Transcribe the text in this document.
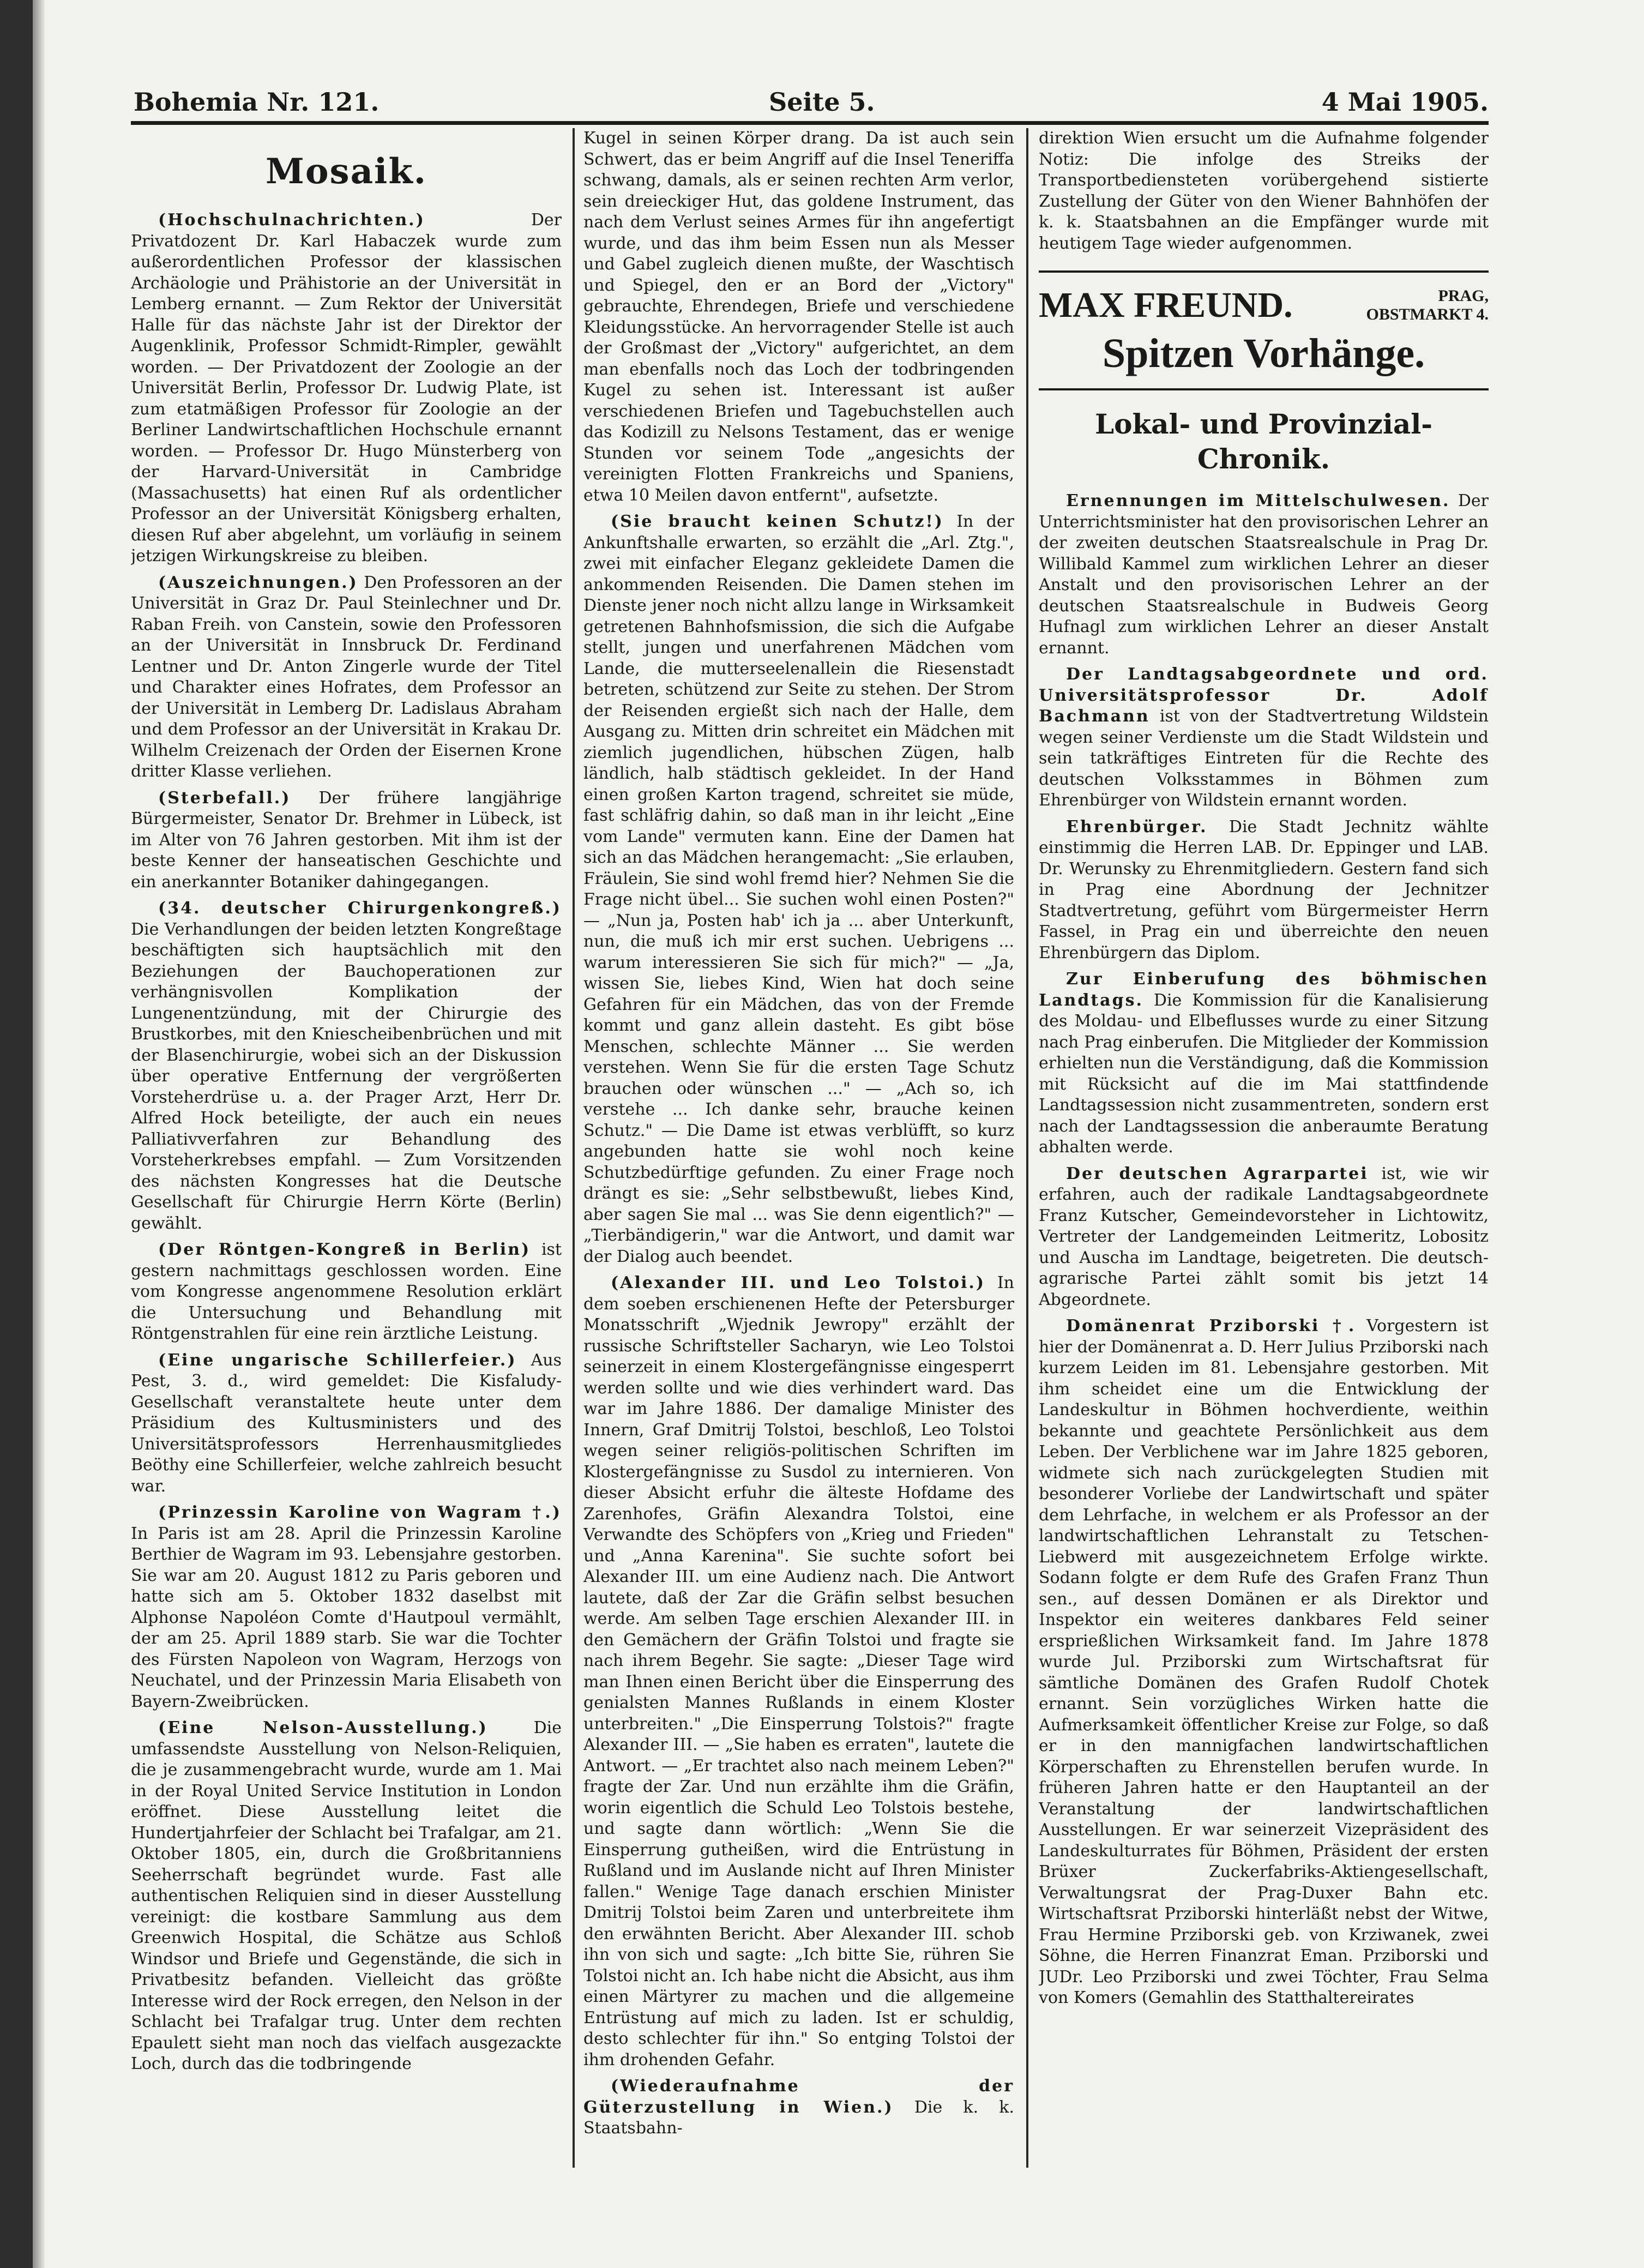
Bohemia Nr. 121.	Seite 5.	4 Mai 1905.
Mosaik.

(Hochschulnachrichten.)	Der Privatdozent Dr. Karl Habaczek wurde zum außerordentlichen Professor der klassischen Archäologie und Prähistorie an der Universität in Lemberg ernannt. — Zum Rektor der Universität Halle für das nächste Jahr ist der Direktor der Augenklinik, Professor Schmidt-Rimpler, gewählt worden. — Der Privatdozent der Zoologie an der Universität Berlin, Professor Dr. Ludwig Plate, ist zum etatmäßigen Professor für Zoologie an der Berliner Landwirtschaftlichen Hochschule ernannt worden. — Professor Dr. Hugo Münsterberg von der Harvard-Universität in Cambridge (Massachusetts) hat einen Ruf als ordentlicher Professor an der Universität Königsberg erhalten, diesen Ruf aber abgelehnt, um vorläufig in seinem jetzigen Wirkungskreise zu bleiben.

(Auszeichnungen.) Den Professoren an der Universität in Graz Dr. Paul Steinlechner und Dr. Raban Freih. von Canstein, sowie den Professoren an der Universität in Innsbruck Dr. Ferdinand Lentner und Dr. Anton Zingerle wurde der Titel und Charakter eines Hofrates, dem Professor an der Universität in Lemberg Dr. Ladislaus Abraham und dem Professor an der Universität in Krakau Dr. Wilhelm Creizenach der Orden der Eisernen Krone dritter Klasse verliehen.

(Sterbefall.) Der frühere langjährige Bürgermeister, Senator Dr. Brehmer in Lübeck, ist im Alter von 76 Jahren gestorben. Mit ihm ist der beste Kenner der hanseatischen Geschichte und ein anerkannter Botaniker dahingegangen.

(34. deutscher Chirurgenkongreß.) Die Verhandlungen der beiden letzten Kongreßtage beschäftigten sich hauptsächlich mit den Beziehungen der Bauchoperationen zur verhängnisvollen Komplikation der Lungenentzündung, mit der Chirurgie des Brustkorbes, mit den Kniescheibenbrüchen und mit der Blasenchirurgie, wobei sich an der Diskussion über operative Entfernung der vergrößerten Vorsteherdrüse u. a. der Prager Arzt, Herr Dr. Alfred Hock beteiligte, der auch ein neues Palliativverfahren zur Behandlung des Vorsteherkrebses empfahl. — Zum Vorsitzenden des nächsten Kongresses hat die Deutsche Gesellschaft für Chirurgie Herrn Körte (Berlin) gewählt.

(Der Röntgen-Kongreß in Berlin) ist gestern nachmittags geschlossen worden. Eine vom Kongresse angenommene Resolution erklärt die Untersuchung und Behandlung mit Röntgenstrahlen für eine rein ärztliche Leistung.

(Eine ungarische Schillerfeier.) Aus Pest, 3. d., wird gemeldet: Die Kisfaludy-Gesellschaft veranstaltete heute unter dem Präsidium des Kultusministers und des Universitätsprofessors Herrenhausmitgliedes Beöthy eine Schillerfeier, welche zahlreich besucht war.

(Prinzessin Karoline von Wagram †.) In Paris ist am 28. April die Prinzessin Karoline Berthier de Wagram im 93. Lebensjahre gestorben. Sie war am 20. August 1812 zu Paris geboren und hatte sich am 5. Oktober 1832 daselbst mit Alphonse Napoléon Comte d'Hautpoul vermählt, der am 25. April 1889 starb. Sie war die Tochter des Fürsten Napoleon von Wagram, Herzogs von Neuchatel, und der Prinzessin Maria Elisabeth von Bayern-Zweibrücken.

(Eine Nelson-Ausstellung.)	Die umfassendste Ausstellung von Nelson-Reliquien, die je zusammengebracht wurde, wurde am 1. Mai in der Royal United Service Institution in London eröffnet. Diese Ausstellung leitet die Hundertjahrfeier der Schlacht bei Trafalgar, am 21. Oktober 1805, ein, durch die Großbritanniens Seeherrschaft begründet wurde. Fast alle authentischen Reliquien sind in dieser Ausstellung vereinigt: die kostbare Sammlung aus dem Greenwich Hospital, die Schätze aus Schloß Windsor und Briefe und Gegenstände, die sich in Privatbesitz befanden. Vielleicht das größte Interesse wird der Rock erregen, den Nelson in der Schlacht bei Trafalgar trug. Unter dem rechten Epaulett sieht man noch das vielfach ausgezackte Loch, durch das die todbringende

Kugel in seinen Körper drang. Da ist auch sein Schwert, das er beim Angriff auf die Insel Teneriffa schwang, damals, als er seinen rechten Arm verlor, sein dreieckiger Hut, das goldene Instrument, das nach dem Verlust seines Armes für ihn angefertigt wurde, und das ihm beim Essen nun als Messer und Gabel zugleich dienen mußte, der Waschtisch und Spiegel, den er an Bord der „Victory" gebrauchte, Ehrendegen, Briefe und verschiedene Kleidungsstücke. An hervorragender Stelle ist auch der Großmast der „Victory" aufgerichtet, an dem man ebenfalls noch das Loch der todbringenden Kugel zu sehen ist. Interessant ist außer verschiedenen Briefen und Tagebuchstellen auch das Kodizill zu Nelsons Testament, das er wenige Stunden vor seinem Tode „angesichts der vereinigten Flotten Frankreichs und Spaniens, etwa 10 Meilen davon entfernt", aufsetzte.

(Sie braucht keinen Schutz!) In der Ankunftshalle erwarten, so erzählt die „Arl. Ztg.", zwei mit einfacher Eleganz gekleidete Damen die ankommenden Reisenden. Die Damen stehen im Dienste jener noch nicht allzu lange in Wirksamkeit getretenen Bahnhofsmission, die sich die Aufgabe stellt, jungen und unerfahrenen Mädchen vom Lande, die mutterseelenallein die Riesenstadt betreten, schützend zur Seite zu stehen. Der Strom der Reisenden ergießt sich nach der Halle, dem Ausgang zu. Mitten drin schreitet ein Mädchen mit ziemlich jugendlichen, hübschen Zügen, halb ländlich, halb städtisch gekleidet. In der Hand einen großen Karton tragend, schreitet sie müde, fast schläfrig dahin, so daß man in ihr leicht „Eine vom Lande" vermuten kann. Eine der Damen hat sich an das Mädchen herangemacht: „Sie erlauben, Fräulein, Sie sind wohl fremd hier? Nehmen Sie die Frage nicht übel... Sie suchen wohl einen Posten?" — „Nun ja, Posten hab' ich ja ... aber Unterkunft, nun, die muß ich mir erst suchen. Uebrigens ... warum interessieren Sie sich für mich?" — „Ja, wissen Sie, liebes Kind, Wien hat doch seine Gefahren für ein Mädchen, das von der Fremde kommt und ganz allein dasteht. Es gibt böse Menschen, schlechte Männer ... Sie werden verstehen. Wenn Sie für die ersten Tage Schutz brauchen oder wünschen ..." — „Ach so, ich verstehe ... Ich danke sehr, brauche keinen Schutz." — Die Dame ist etwas verblüfft, so kurz angebunden hatte sie wohl noch keine Schutzbedürftige gefunden. Zu einer Frage noch drängt es sie: „Sehr selbstbewußt, liebes Kind, aber sagen Sie mal ... was Sie denn eigentlich?" — „Tierbändigerin," war die Antwort, und damit war der Dialog auch beendet.

(Alexander III. und Leo Tolstoi.) In dem soeben erschienenen Hefte der Petersburger Monatsschrift „Wjednik Jewropy" erzählt der russische Schriftsteller Sacharyn, wie Leo Tolstoi seinerzeit in einem Klostergefängnisse eingesperrt werden sollte und wie dies verhindert ward. Das war im Jahre 1886. Der damalige Minister des Innern, Graf Dmitrij Tolstoi, beschloß, Leo Tolstoi wegen seiner religiös-politischen Schriften im Klostergefängnisse zu Susdol zu internieren. Von dieser Absicht erfuhr die älteste Hofdame des Zarenhofes, Gräfin Alexandra Tolstoi, eine Verwandte des Schöpfers von „Krieg und Frieden" und „Anna Karenina". Sie suchte sofort bei Alexander III. um eine Audienz nach. Die Antwort lautete, daß der Zar die Gräfin selbst besuchen werde. Am selben Tage erschien Alexander III. in den Gemächern der Gräfin Tolstoi und fragte sie nach ihrem Begehr. Sie sagte: „Dieser Tage wird man Ihnen einen Bericht über die Einsperrung des genialsten Mannes Rußlands in einem Kloster unterbreiten." „Die Einsperrung Tolstois?" fragte Alexander III. — „Sie haben es erraten", lautete die Antwort. — „Er trachtet also nach meinem Leben?" fragte der Zar. Und nun erzählte ihm die Gräfin, worin eigentlich die Schuld Leo Tolstois bestehe, und sagte dann wörtlich: „Wenn Sie die Einsperrung gutheißen, wird die Entrüstung in Rußland und im Auslande nicht auf Ihren Minister fallen." Wenige Tage danach erschien Minister Dmitrij Tolstoi beim Zaren und unterbreitete ihm den erwähnten Bericht. Aber Alexander III. schob ihn von sich und sagte: „Ich bitte Sie, rühren Sie Tolstoi nicht an. Ich habe nicht die Absicht, aus ihm einen Märtyrer zu machen und die allgemeine Entrüstung auf mich zu laden. Ist er schuldig, desto schlechter für ihn." So entging Tolstoi der ihm drohenden Gefahr.

(Wiederaufnahme der Güterzustellung in Wien.) Die k. k. Staatsbahn-

direktion Wien ersucht um die Aufnahme folgender Notiz: Die infolge des Streiks der Transportbediensteten vorübergehend sistierte Zustellung der Güter von den Wiener Bahnhöfen der k. k. Staatsbahnen an die Empfänger wurde mit heutigem Tage wieder aufgenommen.

MAX FREUND.	PRAG,
OBSTMARKT 4.
Spitzen Vorhänge.
Lokal- und Provinzial-Chronik.

Ernennungen im Mittelschulwesen. Der Unterrichtsminister hat den provisorischen Lehrer an der zweiten deutschen Staatsrealschule in Prag Dr. Willibald Kammel zum wirklichen Lehrer an dieser Anstalt und den provisorischen Lehrer an der deutschen Staatsrealschule in Budweis Georg Hufnagl zum wirklichen Lehrer an dieser Anstalt ernannt.

Der Landtagsabgeordnete und ord. Universitätsprofessor Dr. Adolf Bachmann ist von der Stadtvertretung Wildstein wegen seiner Verdienste um die Stadt Wildstein und sein tatkräftiges Eintreten für die Rechte des deutschen Volksstammes in Böhmen zum Ehrenbürger von Wildstein ernannt worden.

Ehrenbürger. Die Stadt Jechnitz wählte einstimmig die Herren LAB. Dr. Eppinger und LAB. Dr. Werunsky zu Ehrenmitgliedern. Gestern fand sich in Prag eine Abordnung der Jechnitzer Stadtvertretung, geführt vom Bürgermeister Herrn Fassel, in Prag ein und überreichte den neuen Ehrenbürgern das Diplom.

Zur Einberufung des böhmischen Landtags. Die Kommission für die Kanalisierung des Moldau- und Elbeflusses wurde zu einer Sitzung nach Prag einberufen. Die Mitglieder der Kommission erhielten nun die Verständigung, daß die Kommission mit Rücksicht auf die im Mai stattfindende Landtagssession nicht zusammentreten, sondern erst nach der Landtagssession die anberaumte Beratung abhalten werde.

Der deutschen Agrarpartei ist, wie wir erfahren, auch der radikale Landtagsabgeordnete Franz Kutscher, Gemeindevorsteher in Lichtowitz, Vertreter der Landgemeinden Leitmeritz, Lobositz und Auscha im Landtage, beigetreten. Die deutsch-agrarische Partei zählt somit bis jetzt 14 Abgeordnete.

Domänenrat Prziborski †. Vorgestern ist hier der Domänenrat a. D. Herr Julius Prziborski nach kurzem Leiden im 81. Lebensjahre gestorben. Mit ihm scheidet eine um die Entwicklung der Landeskultur in Böhmen hochverdiente, weithin bekannte und geachtete Persönlichkeit aus dem Leben. Der Verblichene war im Jahre 1825 geboren, widmete sich nach zurückgelegten Studien mit besonderer Vorliebe der Landwirtschaft und später dem Lehrfache, in welchem er als Professor an der landwirtschaftlichen Lehranstalt zu Tetschen-Liebwerd mit ausgezeichnetem Erfolge wirkte. Sodann folgte er dem Rufe des Grafen Franz Thun sen., auf dessen Domänen er als Direktor und Inspektor ein weiteres dankbares Feld seiner ersprießlichen Wirksamkeit fand. Im Jahre 1878 wurde Jul. Prziborski zum Wirtschaftsrat für sämtliche Domänen des Grafen Rudolf Chotek ernannt. Sein vorzügliches Wirken hatte die Aufmerksamkeit öffentlicher Kreise zur Folge, so daß er in den mannigfachen landwirtschaftlichen Körperschaften zu Ehrenstellen berufen wurde. In früheren Jahren hatte er den Hauptanteil an der Veranstaltung der landwirtschaftlichen Ausstellungen. Er war seinerzeit Vizepräsident des Landeskulturrates für Böhmen, Präsident der ersten Brüxer Zuckerfabriks-Aktiengesellschaft, Verwaltungsrat der Prag-Duxer Bahn etc. Wirtschaftsrat Prziborski hinterläßt nebst der Witwe, Frau Hermine Prziborski geb. von Krziwanek, zwei Söhne, die Herren Finanzrat Eman. Prziborski und JUDr. Leo Prziborski und zwei Töchter, Frau Selma von Komers (Gemahlin des Statthaltereirates
